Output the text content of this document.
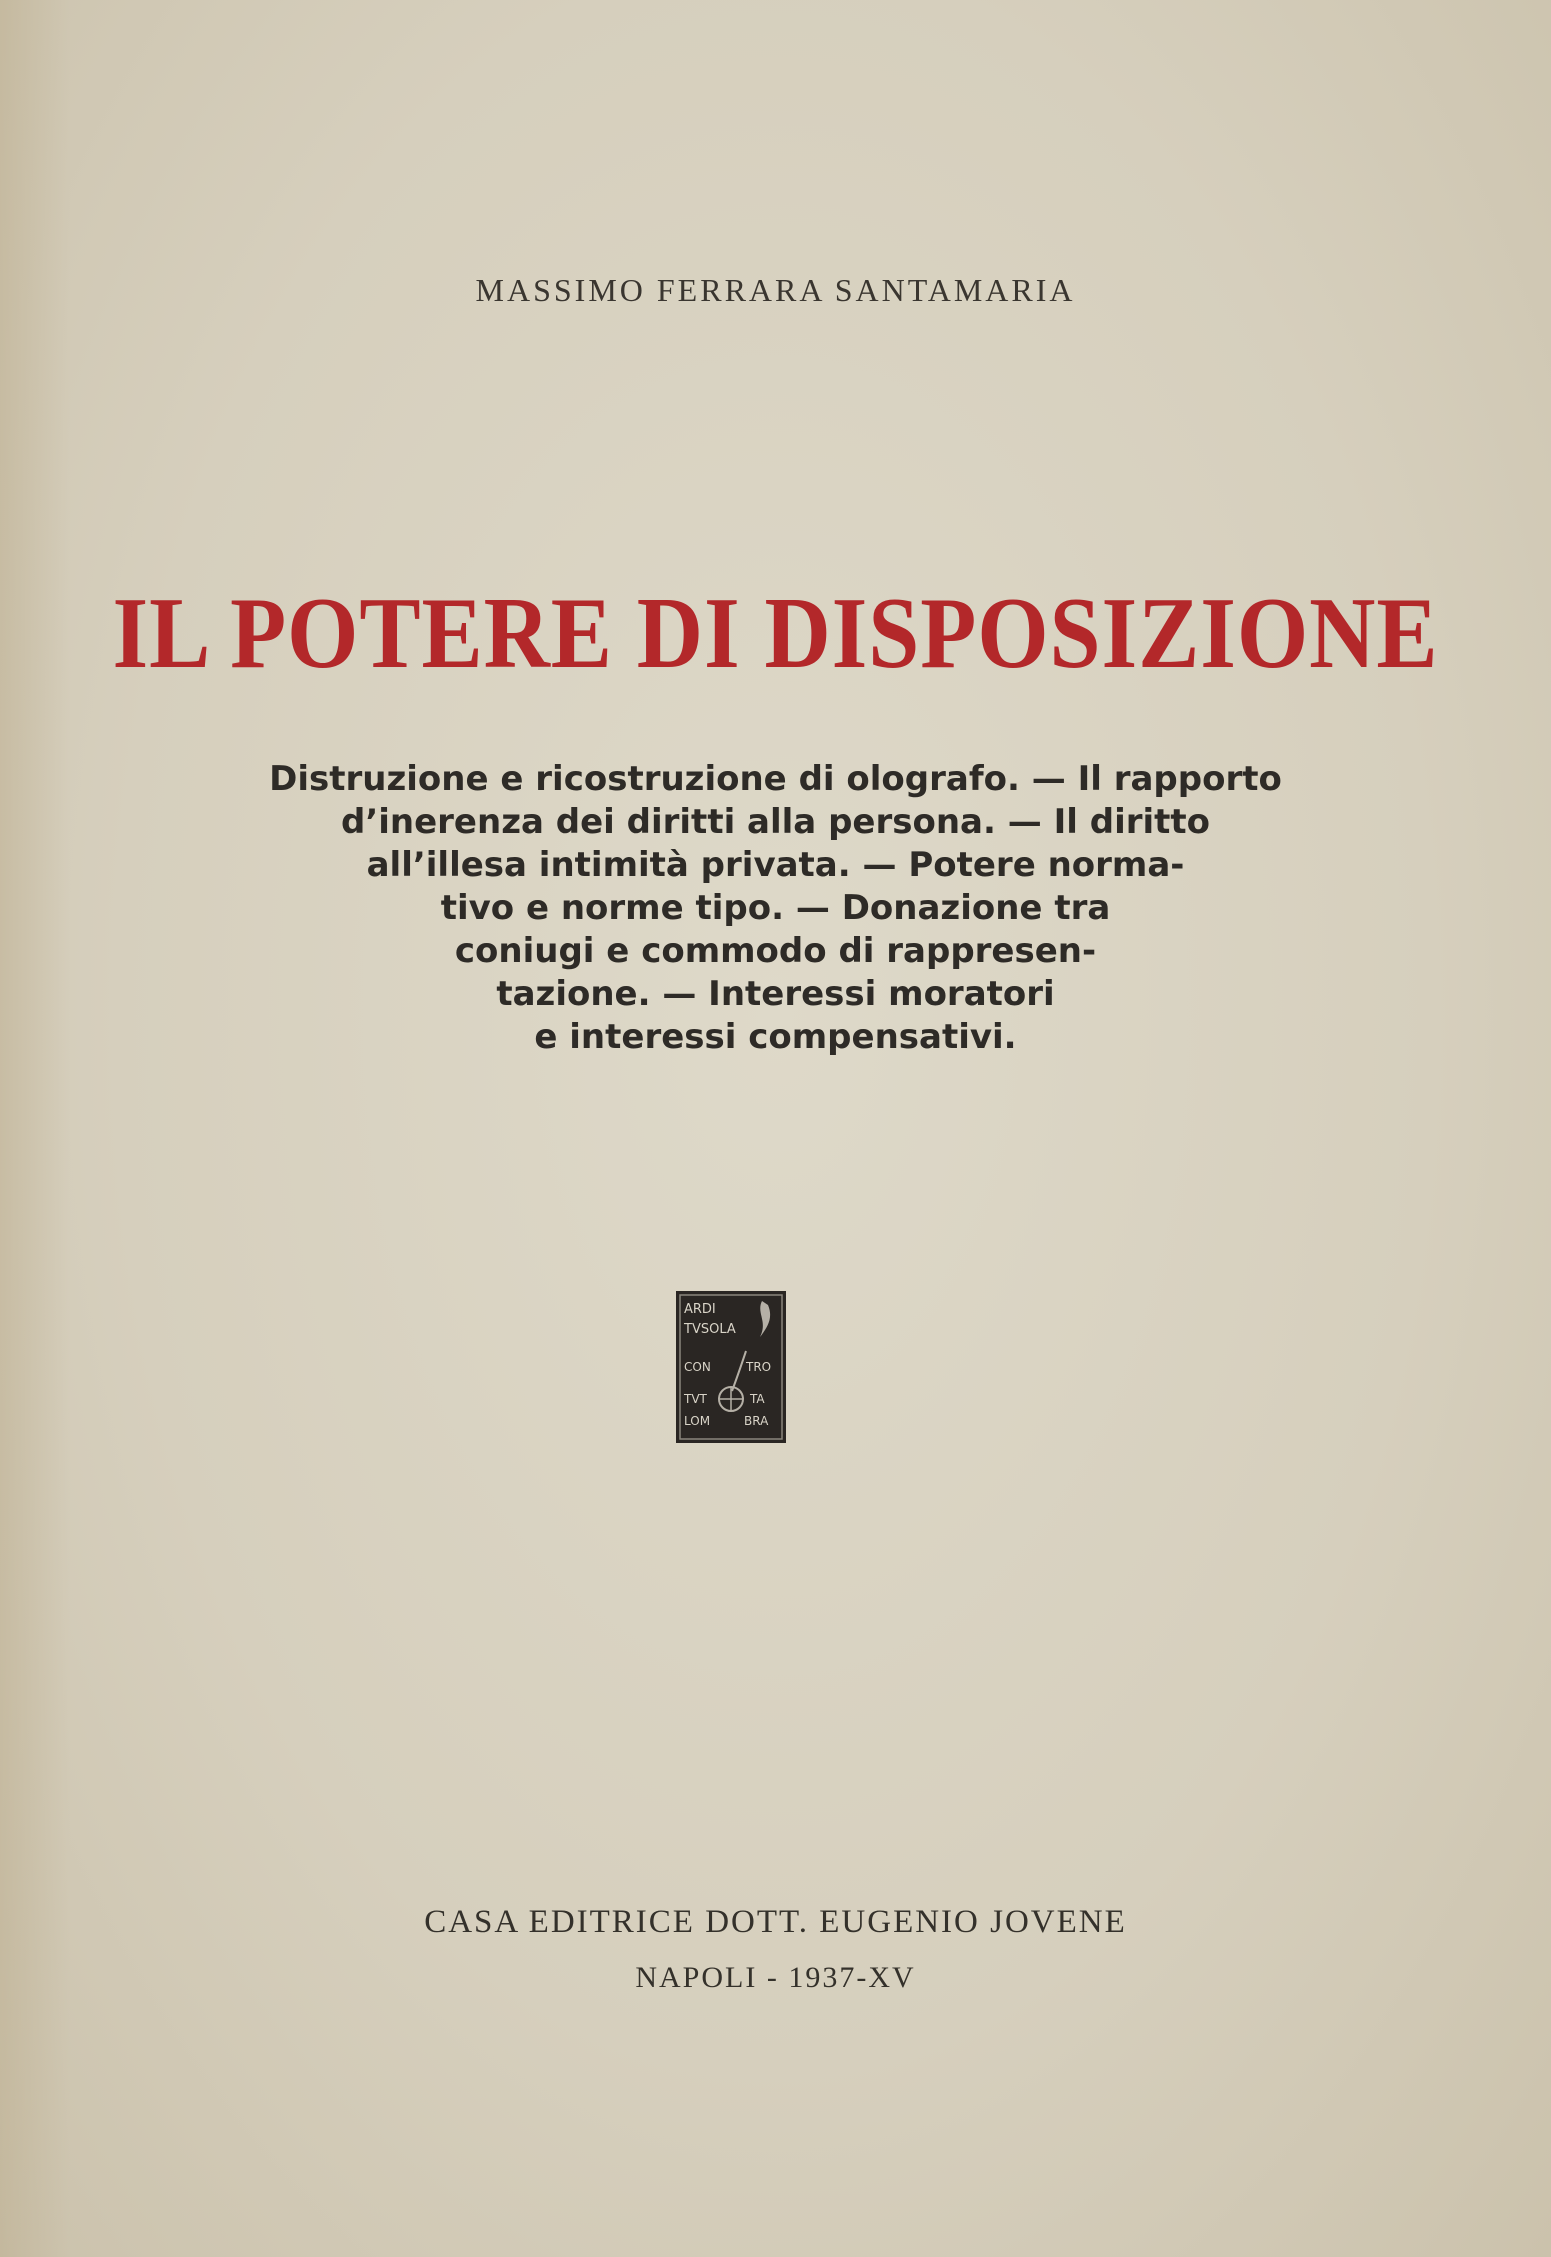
MASSIMO FERRARA SANTAMARIA
IL POTERE DI DISPOSIZIONE
Distruzione e ricostruzione di olografo. — Il rapporto
d’inerenza dei diritti alla persona. — Il diritto
all’illesa intimità privata. — Potere norma-
tivo e norme tipo. — Donazione tra
coniugi e commodo di rappresen-
tazione. — Interessi moratori
e interessi compensativi.
ARDI
TVSOLA
CON	TRO
TVT	TA
LOM	BRA
CASA EDITRICE DOTT. EUGENIO JOVENE
NAPOLI - 1937-XV
